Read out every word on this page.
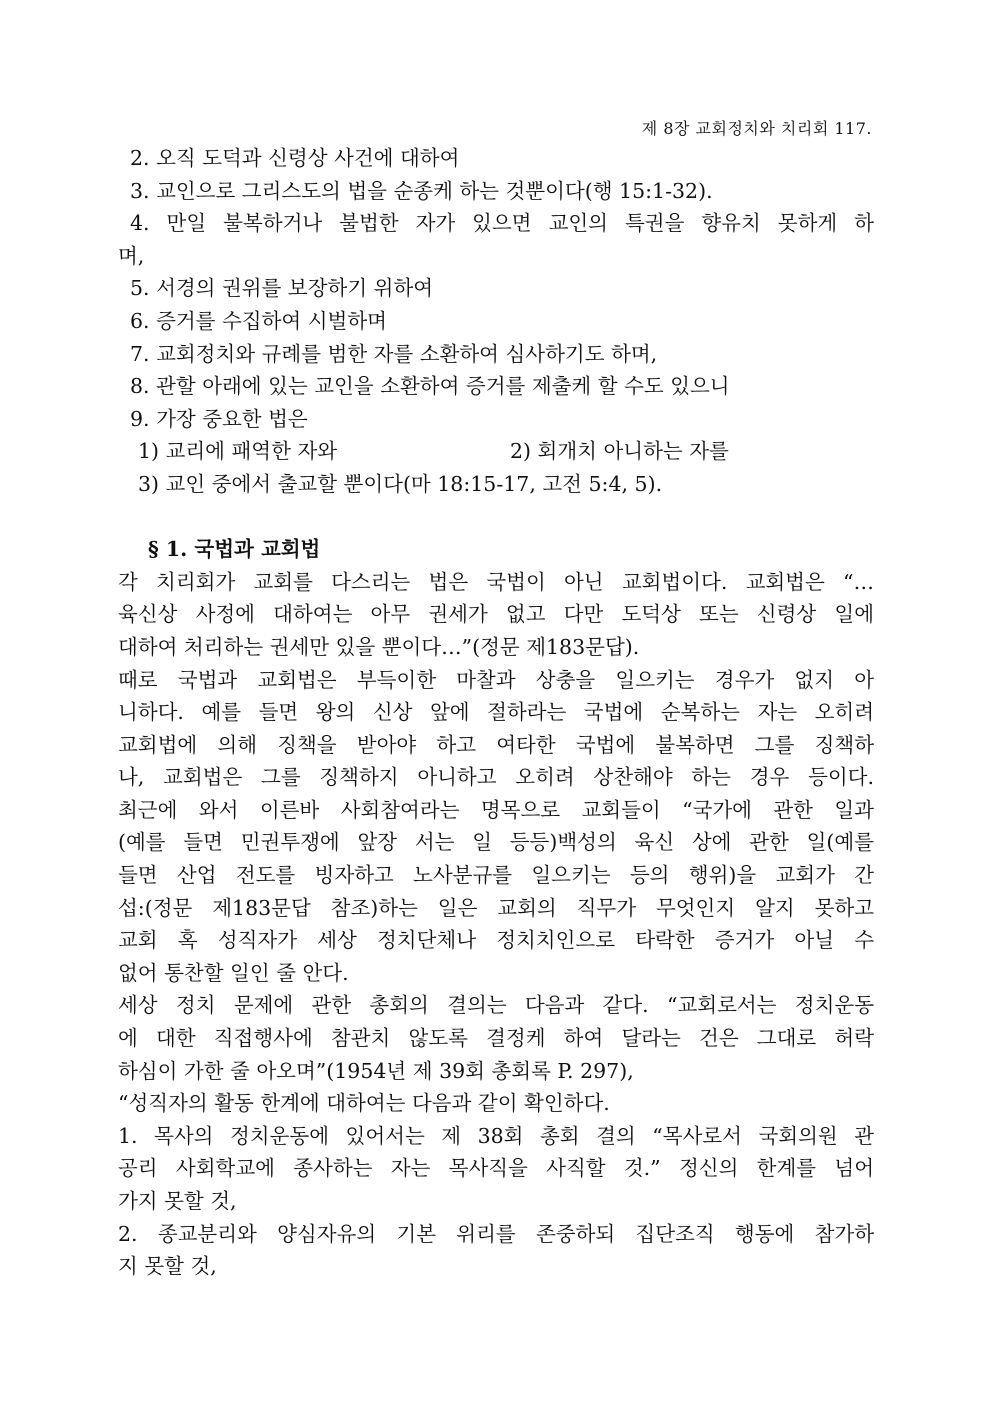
제 8장 교회정치와 치리회 117.
2. 오직 도덕과 신령상 사건에 대하여
3. 교인으로 그리스도의 법을 순종케 하는 것뿐이다(행 15:1-32).
4. 만일 불복하거나 불법한 자가 있으면 교인의 특권을 향유치 못하게 하
며,
5. 서경의 권위를 보장하기 위하여
6. 증거를 수집하여 시벌하며
7. 교회정치와 규례를 범한 자를 소환하여 심사하기도 하며,
8. 관할 아래에 있는 교인을 소환하여 증거를 제출케 할 수도 있으니
9. 가장 중요한 법은
1) 교리에 패역한 자와	2) 회개치 아니하는 자를
3) 교인 중에서 출교할 뿐이다(마 18:15-17, 고전 5:4, 5).
§ 1. 국법과 교회법
각 치리회가 교회를 다스리는 법은 국법이 아닌 교회법이다. 교회법은 “…
육신상 사정에 대하여는 아무 권세가 없고 다만 도덕상 또는 신령상 일에
대하여 처리하는 권세만 있을 뿐이다…”(정문 제183문답).
때로 국법과 교회법은 부득이한 마찰과 상충을 일으키는 경우가 없지 아
니하다. 예를 들면 왕의 신상 앞에 절하라는 국법에 순복하는 자는 오히려
교회법에 의해 징책을 받아야 하고 여타한 국법에 불복하면 그를 징책하
나, 교회법은 그를 징책하지 아니하고 오히려 상찬해야 하는 경우 등이다.
최근에 와서 이른바 사회참여라는 명목으로 교회들이 “국가에 관한 일과
(예를 들면 민권투쟁에 앞장 서는 일 등등)백성의 육신 상에 관한 일(예를
들면 산업 전도를 빙자하고 노사분규를 일으키는 등의 행위)을 교회가 간
섭:(정문 제183문답 참조)하는 일은 교회의 직무가 무엇인지 알지 못하고
교회 혹 성직자가 세상 정치단체나 정치치인으로 타락한 증거가 아닐 수
없어 통찬할 일인 줄 안다.
세상 정치 문제에 관한 총회의 결의는 다음과 같다. “교회로서는 정치운동
에 대한 직접행사에 참관치 않도록 결정케 하여 달라는 건은 그대로 허락
하심이 가한 줄 아오며”(1954년 제 39회 총회록 P. 297),
“성직자의 활동 한계에 대하여는 다음과 같이 확인하다.
1. 목사의 정치운동에 있어서는 제 38회 총회 결의 “목사로서 국회의원 관
공리 사회학교에 종사하는 자는 목사직을 사직할 것.” 정신의 한계를 넘어
가지 못할 것,
2. 종교분리와 양심자유의 기본 위리를 존중하되 집단조직 행동에 참가하
지 못할 것,
